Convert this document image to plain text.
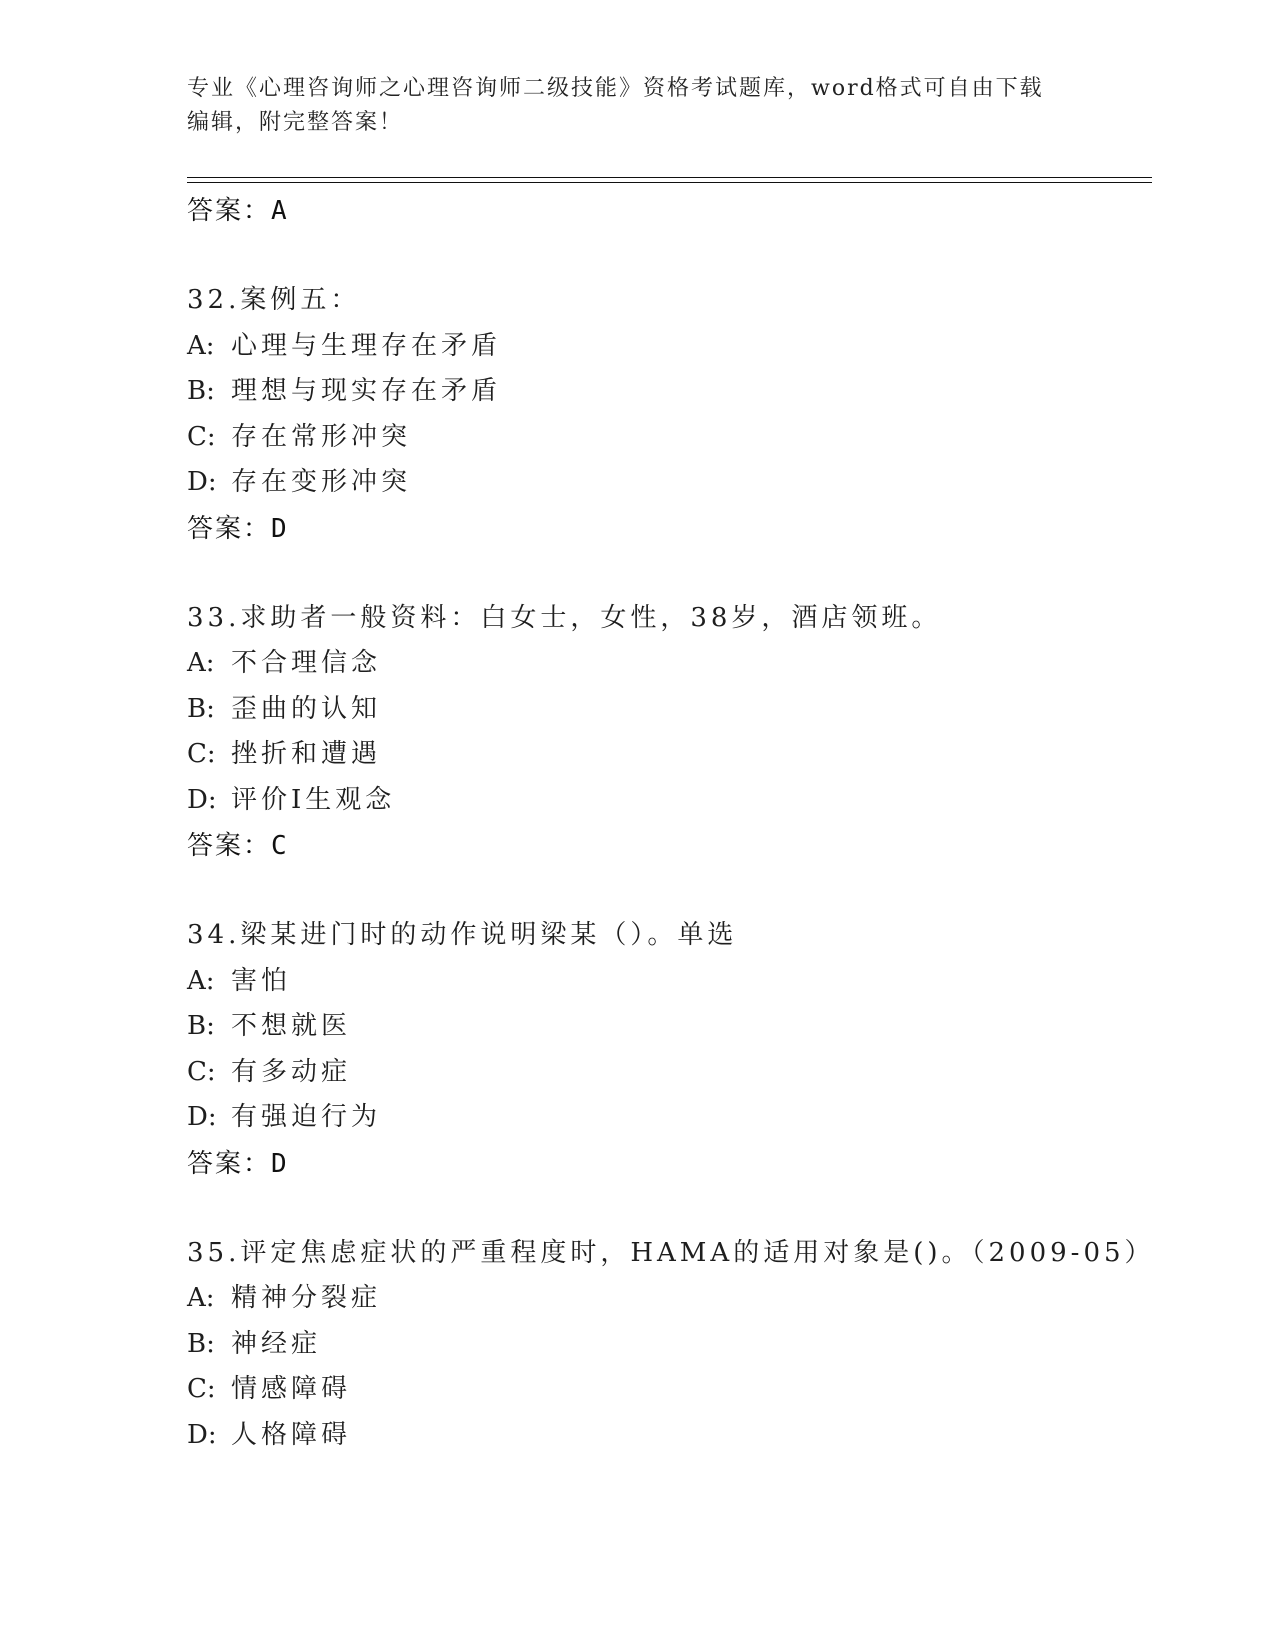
专业《心理咨询师之心理咨询师二级技能》资格考试题库，word格式可自由下载
编辑，附完整答案！
答案：A
32.案例五：
A: 心理与生理存在矛盾
B: 理想与现实存在矛盾
C: 存在常形冲突
D: 存在变形冲突
答案：D
33.求助者一般资料：白女士，女性，38岁，酒店领班。
A: 不合理信念
B: 歪曲的认知
C: 挫折和遭遇
D: 评价I生观念
答案：C
34.梁某进门时的动作说明梁某（）。单选
A: 害怕
B: 不想就医
C: 有多动症
D: 有强迫行为
答案：D
35.评定焦虑症状的严重程度时，HAMA的适用对象是()。（2009-05）
A: 精神分裂症
B: 神经症
C: 情感障碍
D: 人格障碍
